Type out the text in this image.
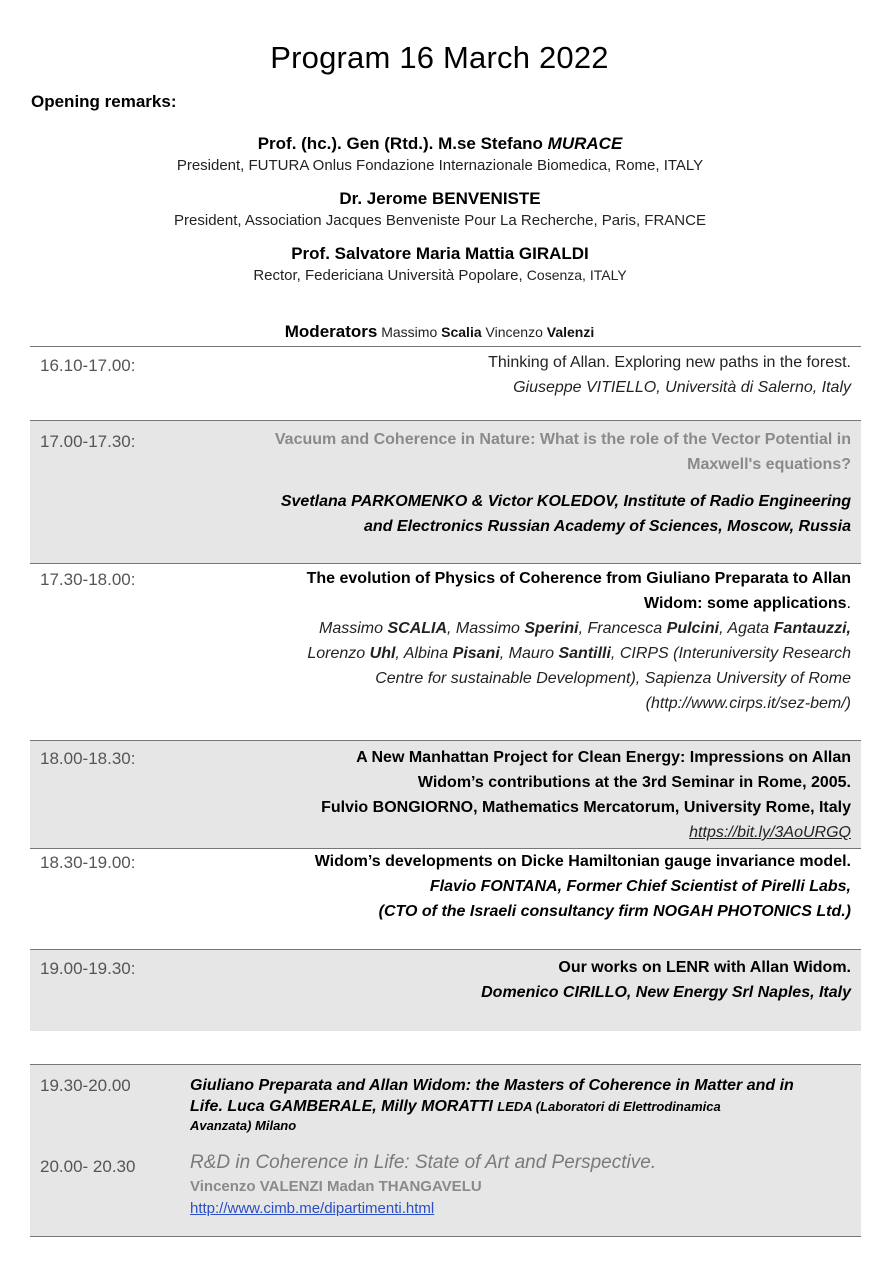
Program 16 March 2022
Opening remarks:
Prof. (hc.). Gen (Rtd.). M.se Stefano MURACE
President, FUTURA Onlus Fondazione Internazionale Biomedica, Rome, ITALY
Dr. Jerome BENVENISTE
President, Association Jacques Benveniste Pour La Recherche, Paris, FRANCE
Prof. Salvatore Maria Mattia GIRALDI
Rector, Federiciana Università Popolare, Cosenza, ITALY
Moderators Massimo Scalia Vincenzo Valenzi
16.10-17.00:	Thinking of Allan. Exploring new paths in the forest.
Giuseppe VITIELLO, Università di Salerno, Italy
17.00-17.30:	Vacuum and Coherence in Nature: What is the role of the Vector Potential in
Maxwell's equations?
Svetlana PARKOMENKO & Victor KOLEDOV, Institute of Radio Engineering
and Electronics Russian Academy of Sciences, Moscow, Russia
17.30-18.00:	The evolution of Physics of Coherence from Giuliano Preparata to Allan
Widom: some applications.
Massimo SCALIA, Massimo Sperini, Francesca Pulcini, Agata Fantauzzi,
Lorenzo Uhl, Albina Pisani, Mauro Santilli, CIRPS (Interuniversity Research
Centre for sustainable Development), Sapienza University of Rome
(http://www.cirps.it/sez-bem/)
18.00-18.30:	A New Manhattan Project for Clean Energy: Impressions on Allan
Widom’s contributions at the 3rd Seminar in Rome, 2005.
Fulvio BONGIORNO, Mathematics Mercatorum, University Rome, Italy
https://bit.ly/3AoURGQ
18.30-19.00:	Widom’s developments on Dicke Hamiltonian gauge invariance model.
Flavio FONTANA, Former Chief Scientist of Pirelli Labs,
(CTO of the Israeli consultancy firm NOGAH PHOTONICS Ltd.)
19.00-19.30:	Our works on LENR with Allan Widom.
Domenico CIRILLO, New Energy Srl Naples, Italy
19.30-20.00	Giuliano Preparata and Allan Widom: the Masters of Coherence in Matter and in
Life. Luca GAMBERALE, Milly MORATTI LEDA (Laboratori di Elettrodinamica
Avanzata) Milano
20.00- 20.30	R&D in Coherence in Life: State of Art and Perspective.
Vincenzo VALENZI Madan THANGAVELU
http://www.cimb.me/dipartimenti.html
